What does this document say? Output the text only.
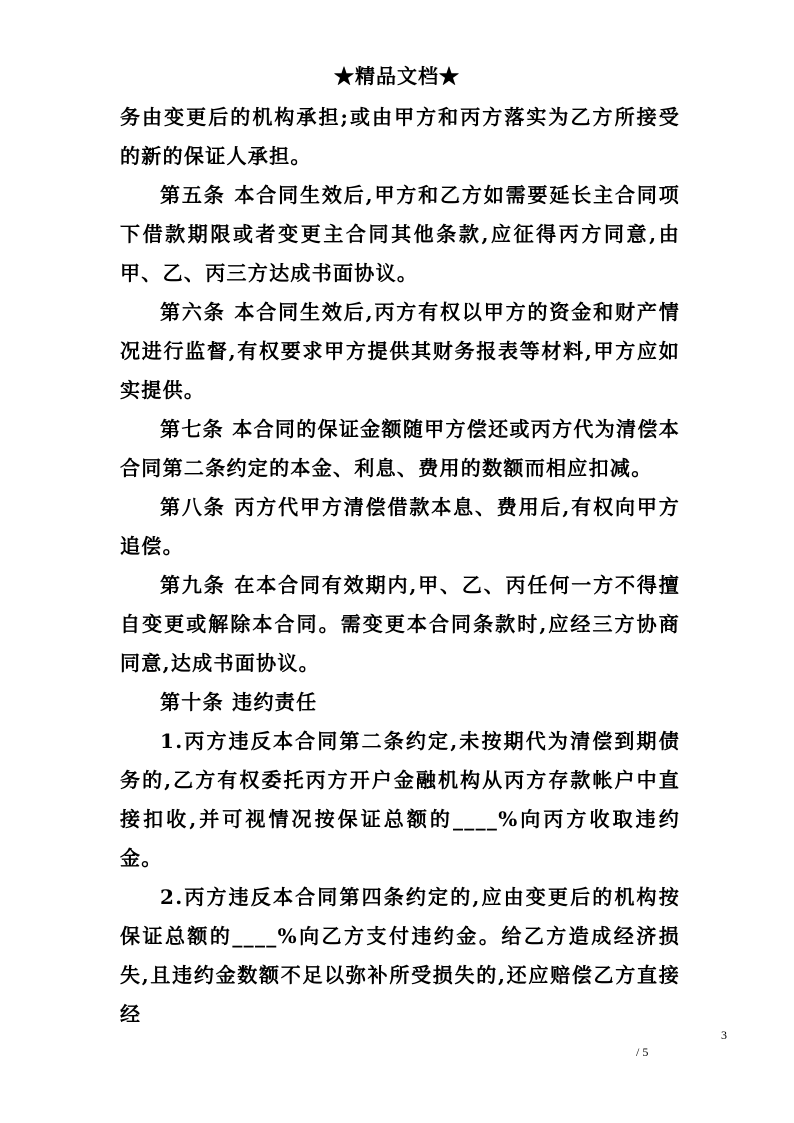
★精品文档★

务由变更后的机构承担;或由甲方和丙方落实为乙方所接受的新的保证人承担。

第五条 本合同生效后,甲方和乙方如需要延长主合同项下借款期限或者变更主合同其他条款,应征得丙方同意,由甲、乙、丙三方达成书面协议。

第六条 本合同生效后,丙方有权以甲方的资金和财产情况进行监督,有权要求甲方提供其财务报表等材料,甲方应如实提供。

第七条 本合同的保证金额随甲方偿还或丙方代为清偿本合同第二条约定的本金、利息、费用的数额而相应扣减。

第八条 丙方代甲方清偿借款本息、费用后,有权向甲方追偿。

第九条 在本合同有效期内,甲、乙、丙任何一方不得擅自变更或解除本合同。需变更本合同条款时,应经三方协商同意,达成书面协议。

第十条 违约责任

1.丙方违反本合同第二条约定,未按期代为清偿到期债务的,乙方有权委托丙方开户金融机构从丙方存款帐户中直接扣收,并可视情况按保证总额的____%向丙方收取违约金。

2.丙方违反本合同第四条约定的,应由变更后的机构按保证总额的____%向乙方支付违约金。给乙方造成经济损失,且违约金数额不足以弥补所受损失的,还应赔偿乙方直接经

3
/ 5
